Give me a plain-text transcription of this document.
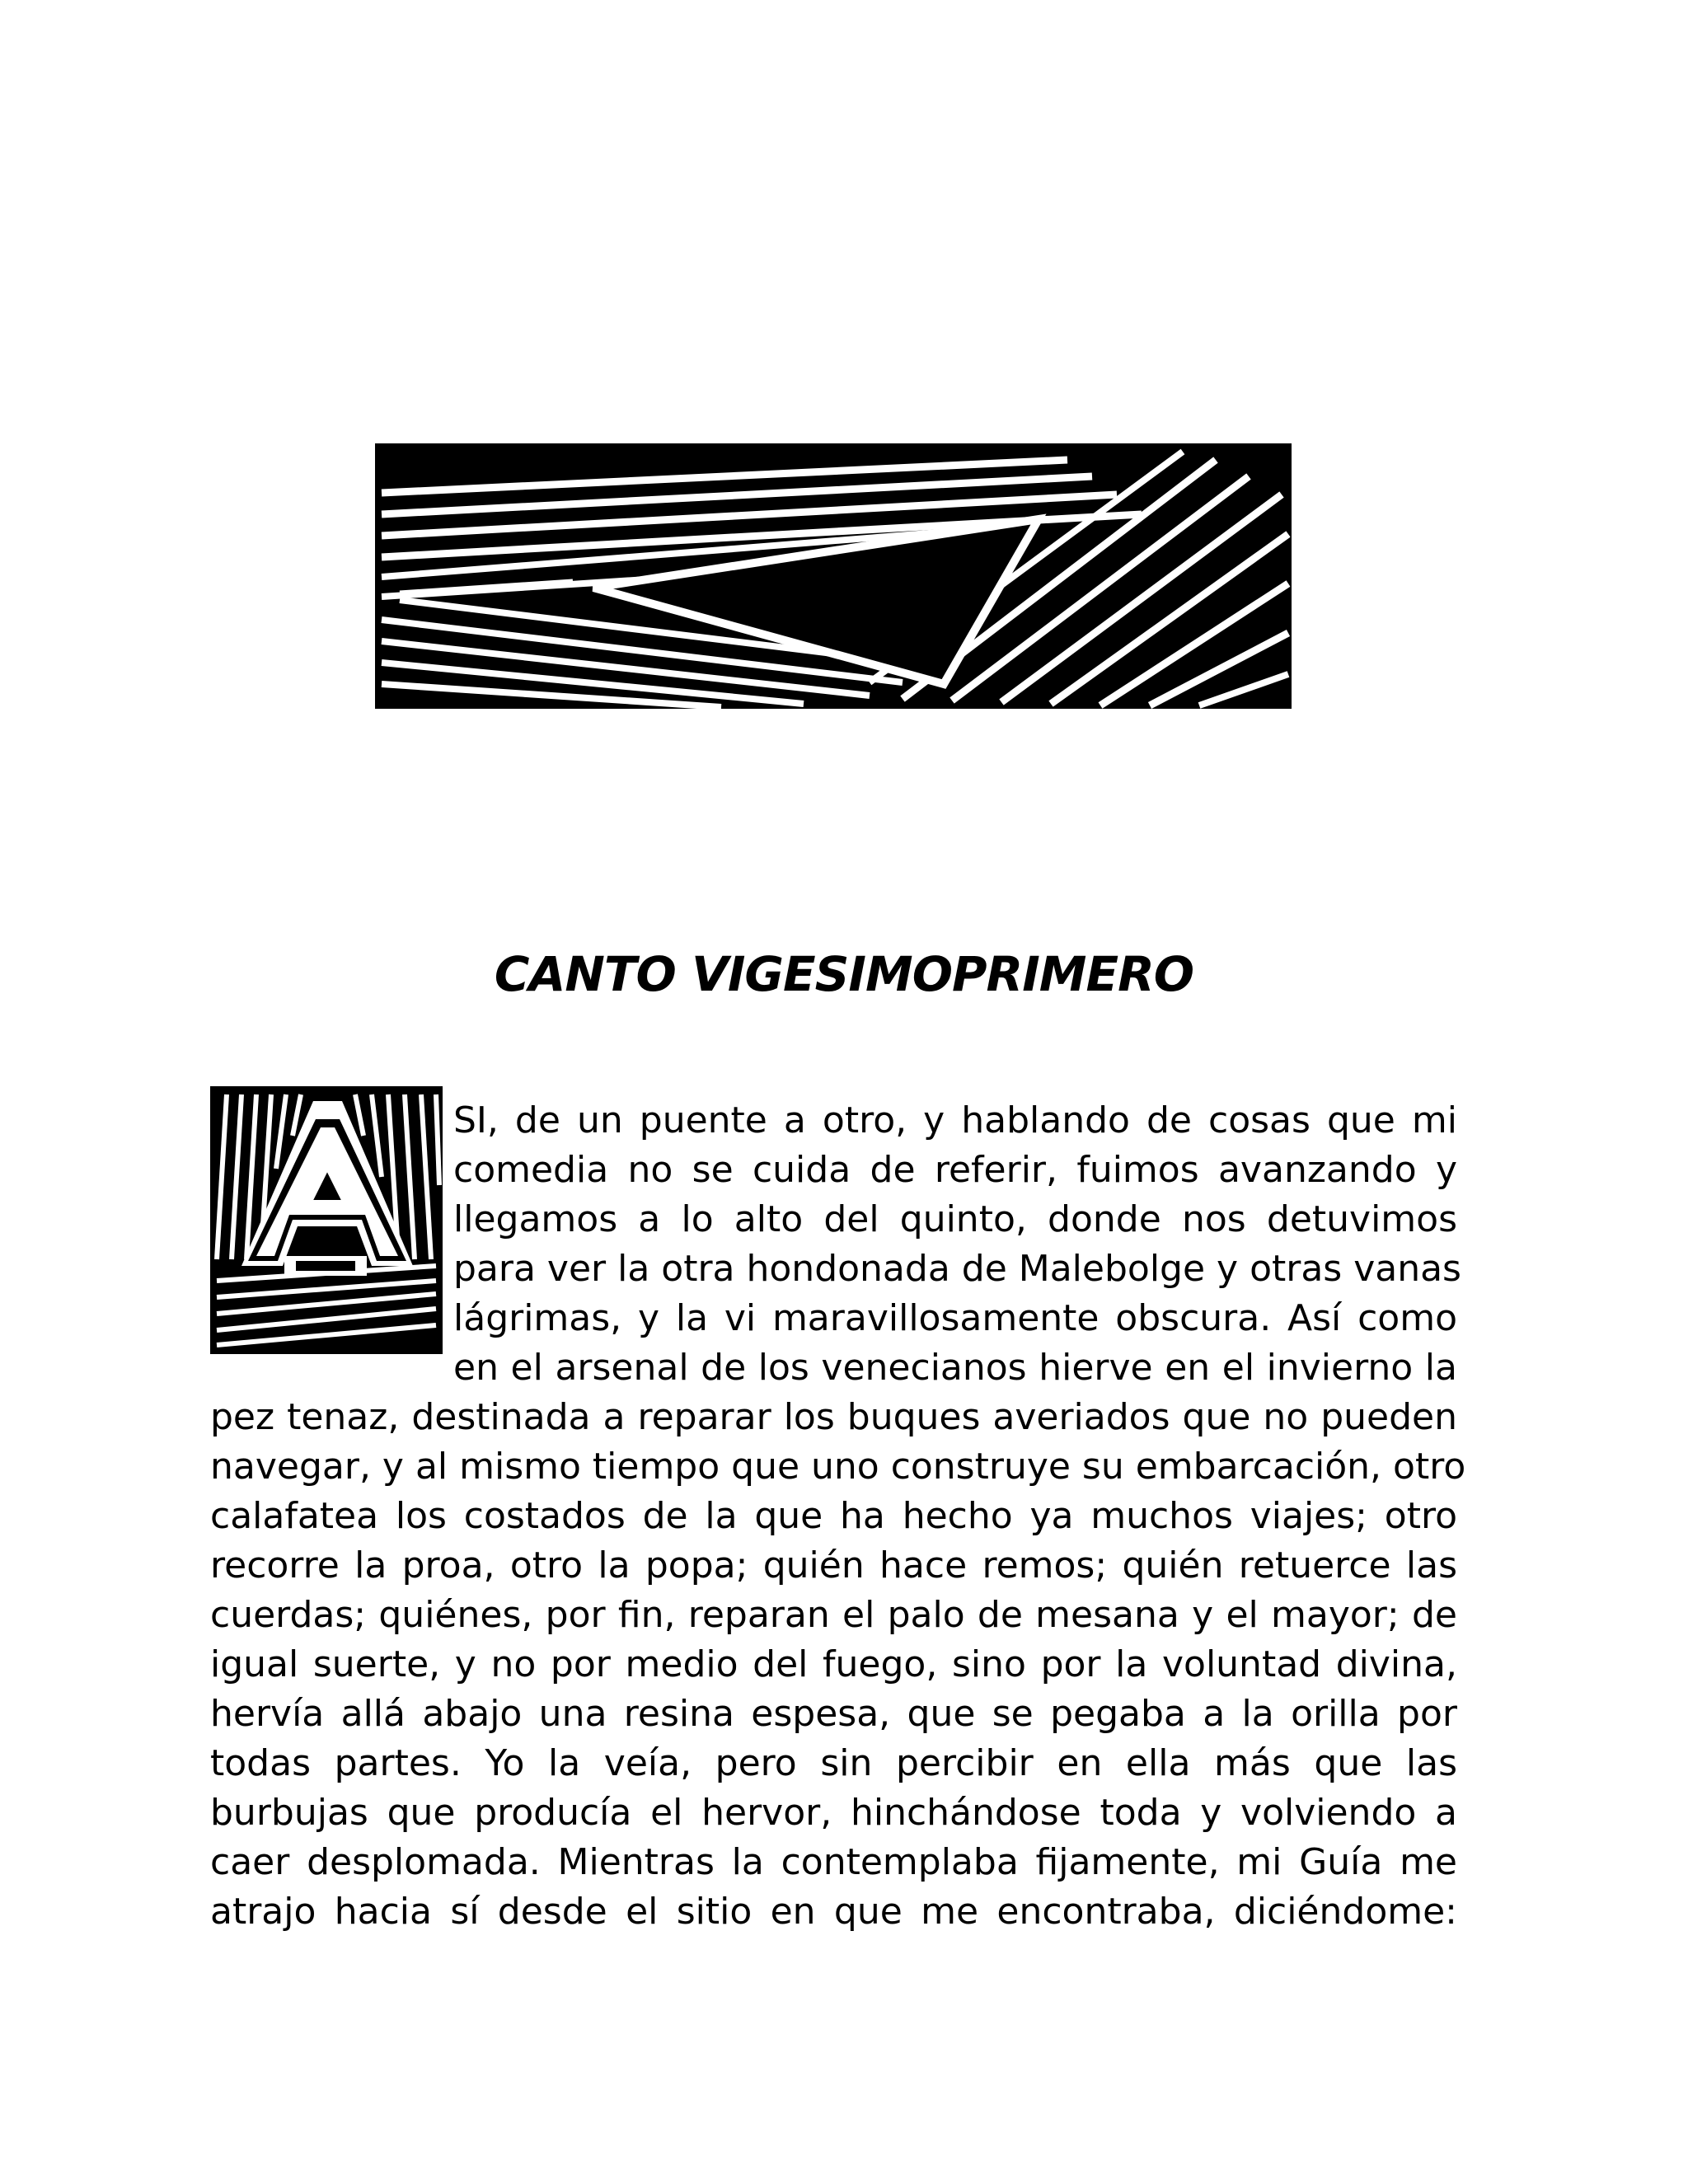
CANTO VIGESIMOPRIMERO
A
SI, de un puente a otro, y hablando de cosas que mi
comedia no se cuida de referir, fuimos avanzando y
llegamos a lo alto del quinto, donde nos detuvimos
para ver la otra hondonada de Malebolge y otras vanas
lágrimas, y la vi maravillosamente obscura. Así como
en el arsenal de los venecianos hierve en el invierno la
pez tenaz, destinada a reparar los buques averiados que no pueden
navegar, y al mismo tiempo que uno construye su embarcación, otro
calafatea los costados de la que ha hecho ya muchos viajes; otro
recorre la proa, otro la popa; quién hace remos; quién retuerce las
cuerdas; quiénes, por fin, reparan el palo de mesana y el mayor; de
igual suerte, y no por medio del fuego, sino por la voluntad divina,
hervía allá abajo una resina espesa, que se pegaba a la orilla por
todas partes. Yo la veía, pero sin percibir en ella más que las
burbujas que producía el hervor, hinchándose toda y volviendo a
caer desplomada. Mientras la contemplaba fijamente, mi Guía me
atrajo hacia sí desde el sitio en que me encontraba, diciéndome:
